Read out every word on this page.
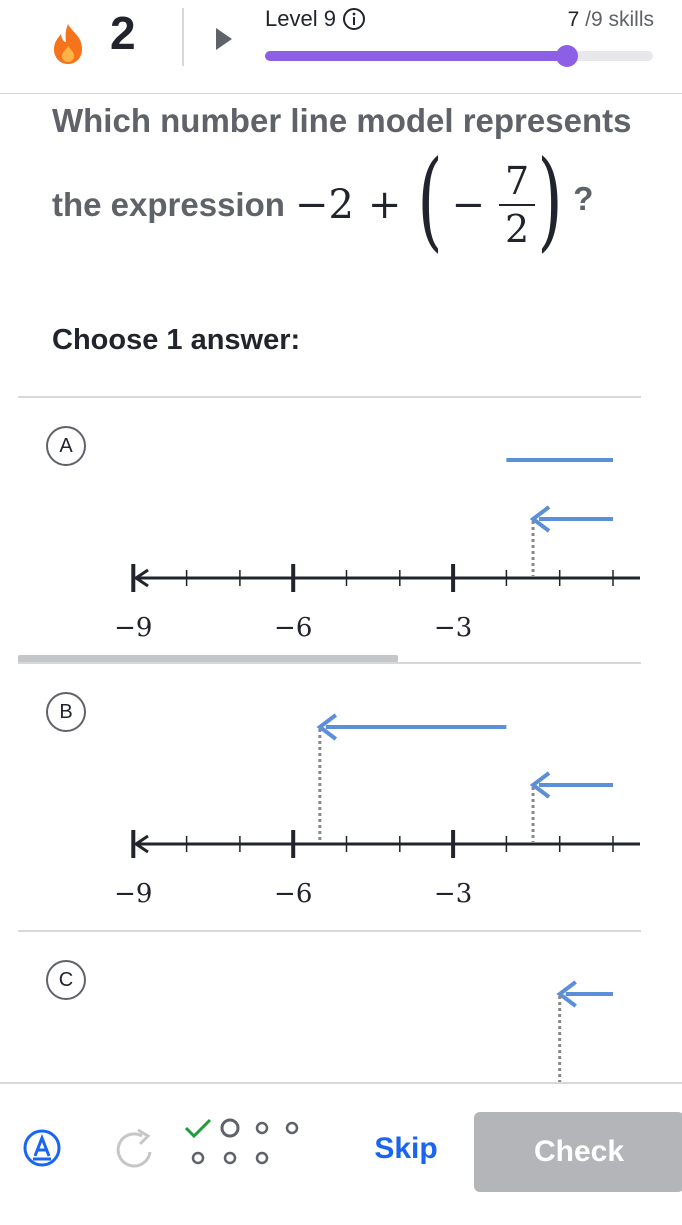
2	Level 9	7 /9 skills
Which number line model represents
the expression −2 + ( − $\frac{7}{2}$ ) ?
Choose 1 answer:
A
−9	−6	−3
B
−9	−6	−3
C
Skip	Check
